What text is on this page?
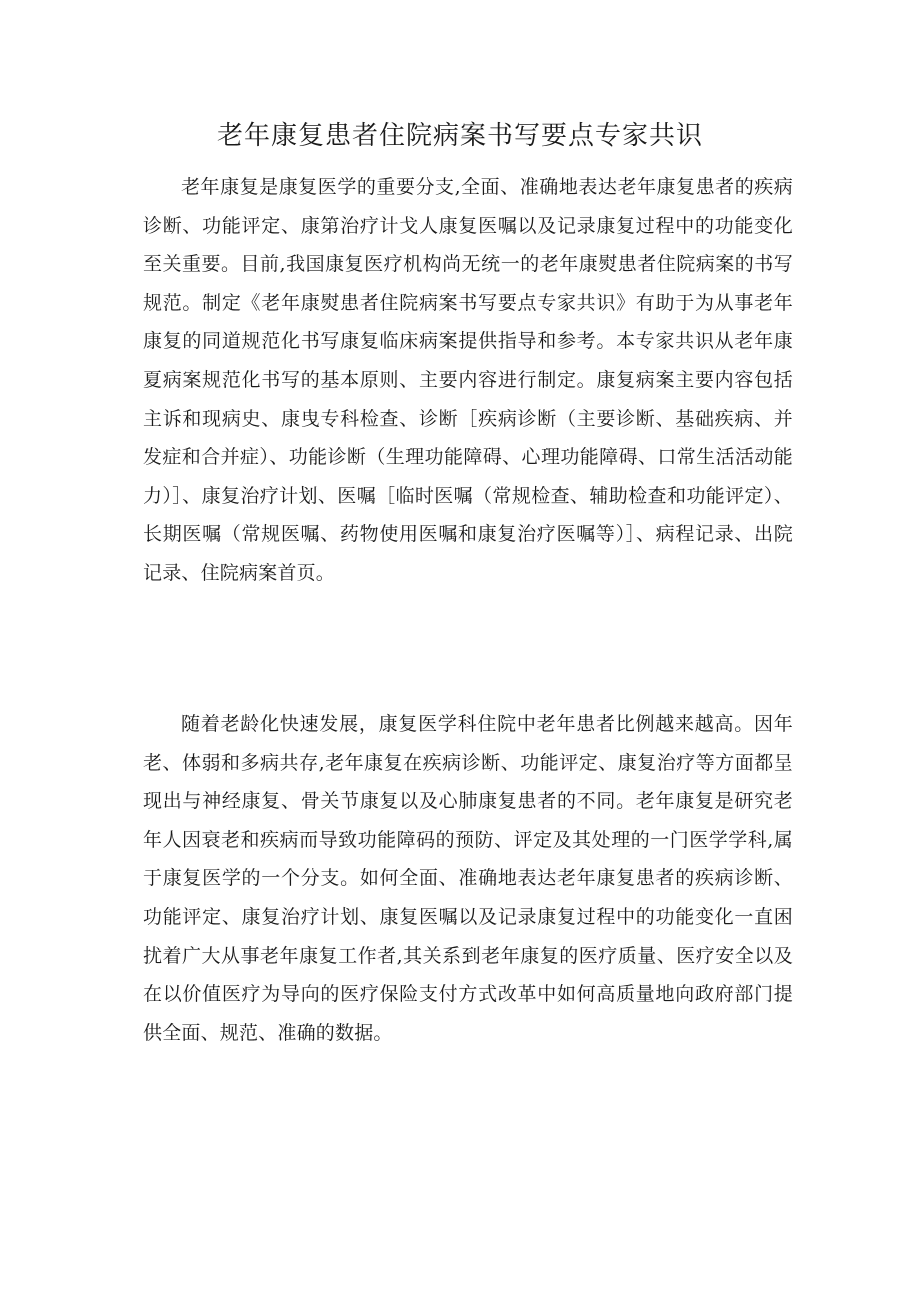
老年康复患者住院病案书写要点专家共识

老年康复是康复医学的重要分支,全面、准确地表达老年康复患者的疾病诊断、功能评定、康第治疗计戈人康复医嘱以及记录康复过程中的功能变化至关重要。目前,我国康复医疗机构尚无统一的老年康熨患者住院病案的书写规范。制定《老年康熨患者住院病案书写要点专家共识》有助于为从事老年康复的同道规范化书写康复临床病案提供指导和参考。本专家共识从老年康夏病案规范化书写的基本原则、主要内容进行制定。康复病案主要内容包括主诉和现病史、康曳专科检查、诊断［疾病诊断（主要诊断、基础疾病、并发症和合并症）、功能诊断（生理功能障碍、心理功能障碍、口常生活活动能力）］、康复治疗计划、医嘱［临时医嘱（常规检查、辅助检查和功能评定）、长期医嘱（常规医嘱、药物使用医嘱和康复治疗医嘱等）］、病程记录、出院记录、住院病案首页。

随着老龄化快速发展，康复医学科住院中老年患者比例越来越高。因年老、体弱和多病共存,老年康复在疾病诊断、功能评定、康复治疗等方面都呈现出与神经康复、骨关节康复以及心肺康复患者的不同。老年康复是研究老年人因衰老和疾病而导致功能障码的预防、评定及其处理的一门医学学科,属于康复医学的一个分支。如何全面、准确地表达老年康复患者的疾病诊断、功能评定、康复治疗计划、康复医嘱以及记录康复过程中的功能变化一直困扰着广大从事老年康复工作者,其关系到老年康复的医疗质量、医疗安全以及在以价值医疗为导向的医疗保险支付方式改革中如何高质量地向政府部门提供全面、规范、准确的数据。
